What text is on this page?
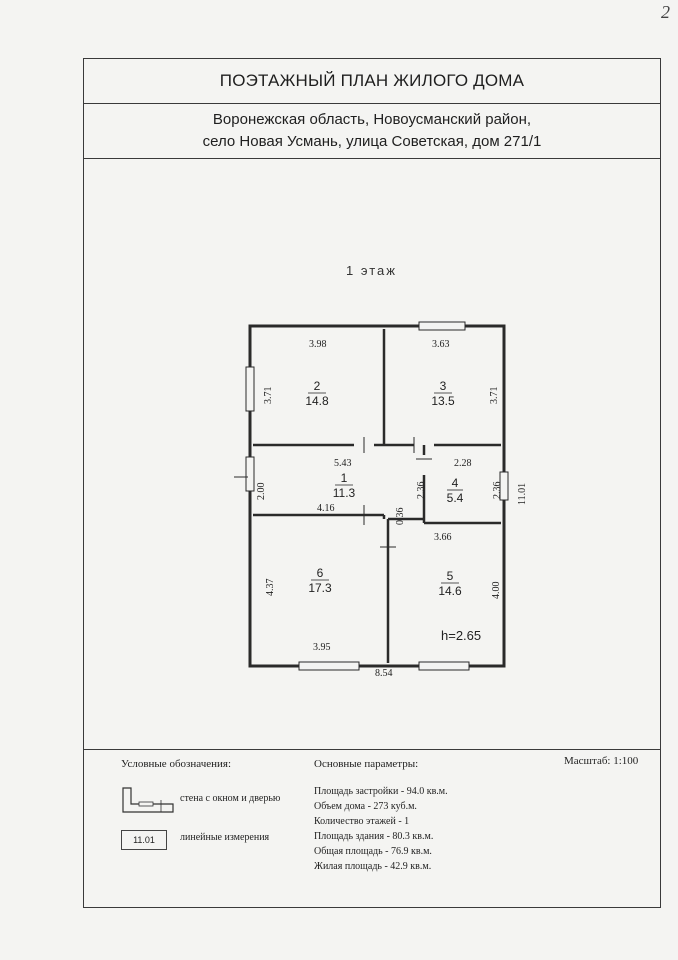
2
ПОЭТАЖНЫЙ ПЛАН ЖИЛОГО ДОМА
Воронежская область, Новоусманский район,
село Новая Усмань, улица Советская, дом 271/1
1 этаж
3.98	3.63
3.71	3.71
5.43	2.28
2.00	2.36	2.36 11.01
4.16	0.36
3.66
4.37	4.00
3.95
8.54
2
14.8
3
13.5
1
11.3
4
5.4
6
17.3
5
14.6
h=2.65
Условные обозначения:
стена с окном и дверью
11.01	линейные измерения
Основные параметры:	Масштаб: 1:100
Площадь застройки - 94.0 кв.м.
Объем дома - 273 куб.м.
Количество этажей - 1
Площадь здания - 80.3 кв.м.
Общая площадь - 76.9 кв.м.
Жилая площадь - 42.9 кв.м.
